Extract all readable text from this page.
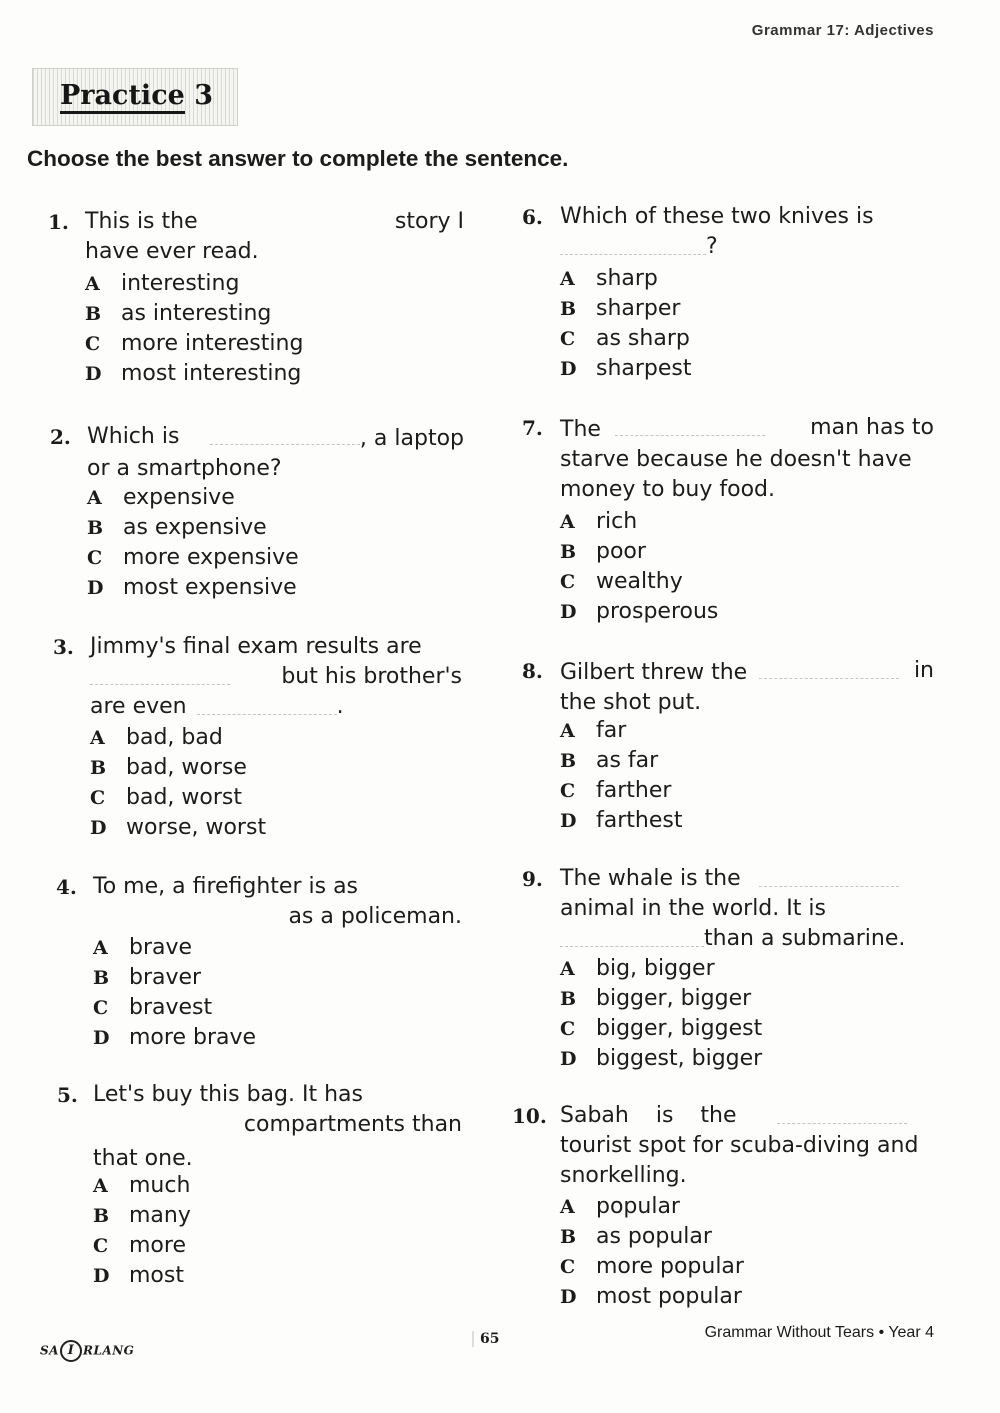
Grammar 17: Adjectives
Practice 3
Choose the best answer to complete the sentence.
1. This is the	story I
have ever read.
A interesting
B as interesting
C more interesting
D most interesting
2. Which is	, a laptop
or a smartphone?
A expensive
B as expensive
C more expensive
D most expensive
3. Jimmy's final exam results are
but his brother's
are even	.
A bad, bad
B bad, worse
C bad, worst
D worse, worst
4. To me, a firefighter is as
as a policeman.
A brave
B braver
C bravest
D more brave
5. Let's buy this bag. It has
compartments than
that one.
A much
B many
C more
D most
6. Which of these two knives is
?
A sharp
B sharper
C as sharp
D sharpest
7. The	man has to
starve because he doesn't have
money to buy food.
A rich
B poor
C wealthy
D prosperous
8. Gilbert threw the	in
the shot put.
A far
B as far
C farther
D farthest
9. The whale is the
animal in the world. It is
than a submarine.
A big, bigger
B bigger, bigger
C bigger, biggest
D biggest, bigger
10. Sabah is the
tourist spot for scuba-diving and
snorkelling.
A popular
B as popular
C more popular
D most popular
SA I RLANG
65	Grammar Without Tears • Year 4
